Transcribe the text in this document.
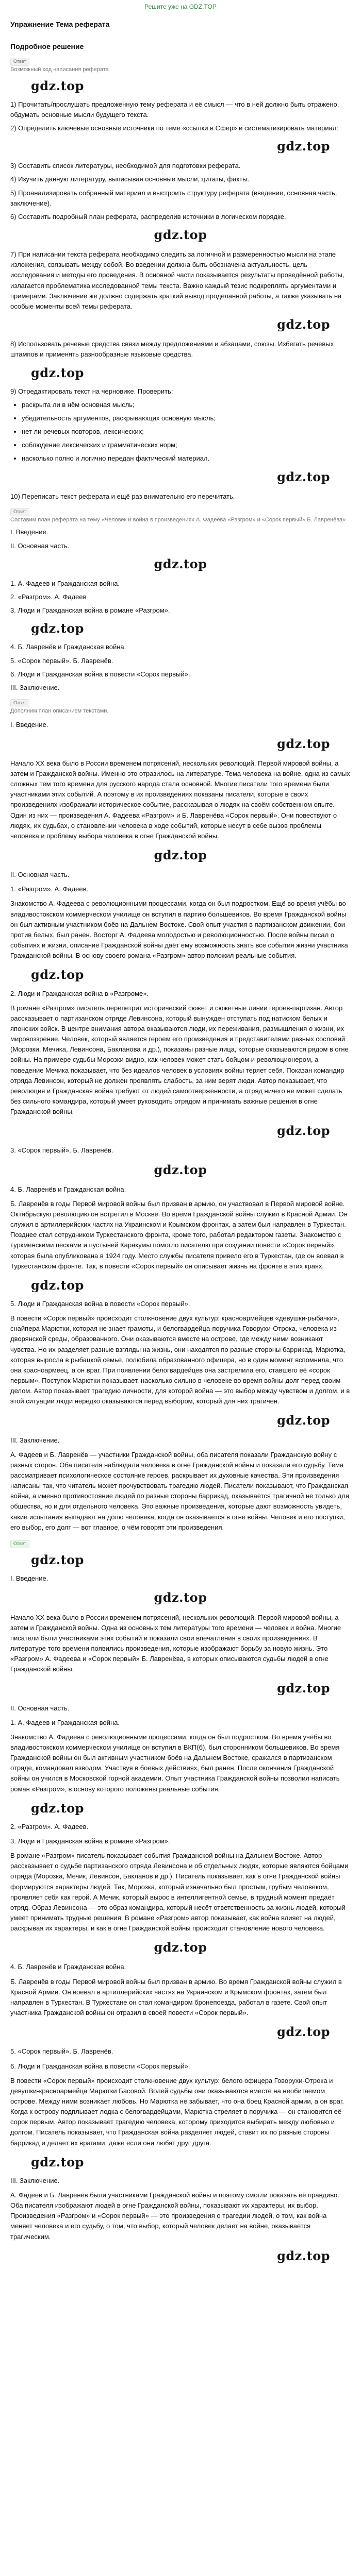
Решите уже на GDZ.TOP
Упражнение Тема реферата
Подробное решение
Ответ
Возможный ход написания реферата
gdz.top

1) Прочитать/прослушать предложенную тему реферата и её смысл — что в ней должно быть отражено, обдумать основные мысли будущего текста.

2) Определить ключевые основные источники по теме «ссылки в Сфер» и систематизировать материал:

gdz.top

3) Составить список литературы, необходимой для подготовки реферата.

4) Изучить данную литературу, выписывая основные мысли, цитаты, факты.

5) Проанализировать собранный материал и выстроить структуру реферата (введение, основная часть, заключение).

6) Составить подробный план реферата, распределив источники в логическом порядке.

gdz.top

7) При написании текста реферата необходимо следить за логичной и размеренностью мысли на этапе изложения, связывать между собой. Во введении должна быть обозначена актуальность, цель исследования и методы его проведения. В основной части показывается результаты проведённой работы, излагается проблематика исследованной темы текста. Важно каждый тезис подкреплять аргументами и примерами. Заключение же должно содержать краткий вывод проделанной работы, а также указывать на особые моменты всей темы реферата.

gdz.top

8) Использовать речевые средства связи между предложениями и абзацами, союзы. Избегать речевых штампов и применять разнообразные языковые средства.

gdz.top

9) Отредактировать текст на черновике. Проверить:

• раскрыта ли в нём основная мысль;
• убедительность аргументов, раскрывающих основную мысль;
• нет ли речевых повторов, лексических;
• соблюдение лексических и грамматических норм;
• насколько полно и логично передан фактический материал.
gdz.top

10) Переписать текст реферата и ещё раз внимательно его перечитать.

Ответ
Составим план реферата на тему «Человек и война в произведениях А. Фадеева «Разгром» и «Сорок первый» Б. Лавренёва»

I. Введение.

II. Основная часть.

gdz.top

1. А. Фадеев и Гражданская война.

2. «Разгром». А. Фадеев

3. Люди и Гражданская война в романе «Разгром».

gdz.top

4. Б. Лавренёв и Гражданская война.

5. «Сорок первый». Б. Лавренёв.

6. Люди и Гражданская война в повести «Сорок первый».

III. Заключение.

Ответ
Дополним план описанием текстами.

I. Введение.

gdz.top

Начало XX века было в России временем потрясений, нескольких революций, Первой мировой войны, а затем и Гражданской войны. Именно это отразилось на литературе. Тема человека на войне, одна из самых сложных тем того времени для русского народа стала основной. Многие писатели того времени были участниками этих событий. А поэтому в их произведениях показаны писатели, которые в своих произведениях изображали историческое событие, рассказывая о людях на своём собственном опыте. Один из них — произведения А. Фадеева «Разгром» и Б. Лавренёва «Сорок первый». Они повествуют о людях, их судьбах, о становлении человека в ходе событий, которые несут в себе вызов проблемы человека и проблему выбора человека в огне Гражданской войны.

gdz.top

II. Основная часть.

1. «Разгром». А. Фадеев.

Знакомство А. Фадеева с революционными процессами, когда он был подростком. Ещё во время учёбы во владивостокском коммерческом училище он вступил в партию большевиков. Во время Гражданской войны он был активным участником боёв на Дальнем Востоке. Свой опыт участия в партизанском движении, бои против белых, был ранен. Восторг А. Фадеева молодостью и революционностью. После войны писал о событиях и жизни, описание Гражданской войны даёт ему возможность знать все события жизни участника Гражданской войны. В основу своего романа «Разгром» автор положил реальные события.

gdz.top

2. Люди и Гражданская война в «Разгроме».

В романе «Разгром» писатель перепетрит исторический сюжет и сюжетные линии героев-партизан. Автор рассказывает о партизанском отряде Левинсона, который вынужден отступать под натиском белых и японских войск. В центре внимания автора оказываются люди, их переживания, размышления о жизни, их мировоззрение. Человек, который является героем его произведения и представителями разных сословий (Морозки, Мечика, Левинсона, Бакланова и др.), показаны разные лица, которые оказываются рядом в огне войны. На примере судьбы Морозки видно, как человек может стать бойцом и революционером, а поведение Мечика показывает, что без идеалов человек в условиях войны теряет себя. Показан командир отряда Левинсон, который не должен проявлять слабость, за ним верят люди. Автор показывает, что революция и Гражданская война требуют от людей самоотверженности, а отряд ничего не может сделать без сильного командира, который умеет руководить отрядом и принимать важные решения в огне Гражданской войны.

gdz.top

3. «Сорок первый». Б. Лавренёв.

gdz.top

4. Б. Лавренёв и Гражданская война.

Б. Лавренёв в годы Первой мировой войны был призван в армию, он участвовал в Первой мировой войне. Октябрьскую революцию он встретил в Москве. Во время Гражданской войны служил в Красной Армии. Он служил в артиллерийских частях на Украинском и Крымском фронтах, а затем был направлен в Туркестан. Позднее стал сотрудником Туркестанского фронта, кроме того, работал редактором газеты. Знакомство с туркменскими песками и пустыней Каракумы помогло писателю при создании повести «Сорок первый», которая была опубликована в 1924 году. Место службы писателя привело его в Туркестан, где он воевал в Туркестанском фронте. Так, в повести «Сорок первый» он описывает жизнь на фронте в этих краях.

gdz.top

5. Люди и Гражданская война в повести «Сорок первый».

В повести «Сорок первый» происходит столкновение двух культур: красноармейцев «девушки-рыбачки», снайпера Марютки, которая не знает грамоты, и белогвардейца-поручика Говорухи-Отрока, человека из дворянской среды, образованного. Они оказываются вместе на острове, где между ними возникают чувства. Но их разделяет разные взгляды на жизнь, они находятся по разные стороны баррикад. Марютка, которая выросла в рыбацкой семье, полюбила образованного офицера, но в один момент вспомнила, что она красноармеец, а он враг. При появлении белогвардейцев она застрелила его, ставшего её «сорок первым». Поступок Марютки показывает, насколько сильно в человеке во время войны долг перед своим делом. Автор показывает трагедию личности, для которой война — это выбор между чувством и долгом, и в этой ситуации люди нередко оказываются перед выбором, который для них трагичен.

gdz.top

III. Заключение.

А. Фадеев и Б. Лавренёв — участники Гражданской войны, оба писателя показали Гражданскую войну с разных сторон. Оба писателя наблюдали человека в огне Гражданской войны и показали его судьбу. Тема рассматривает психологическое состояние героев, раскрывает их духовные качества. Эти произведения написаны так, что читатель может прочувствовать трагедию людей. Писатели показывают, что Гражданская война, а именно противостояние людей по разные стороны баррикад, оказывается трагичной не только для общества, но и для отдельного человека. Это важные произведения, которые дают возможность увидеть, какие испытания выпадают на долю человека, когда он оказывается в огне войны. Человек и его поступки, его выбор, его долг — вот главное, о чём говорят эти произведения.

Ответ
gdz.top

I. Введение.

gdz.top

Начало XX века было в России временем потрясений, нескольких революций, Первой мировой войны, а затем и Гражданской войны. Одна из основных тем литературы того времени — человек и война. Многие писатели были участниками этих событий и показали свои впечатления в своих произведениях. В литературе того времени появились произведения, которые изображают борьбу за новую жизнь. Это «Разгром» А. Фадеева и «Сорок первый» Б. Лавренёва, в которых описываются судьбы людей в огне Гражданской войны.

gdz.top

II. Основная часть.

1. А. Фадеев и Гражданская война.

Знакомство А. Фадеева с революционными процессами, когда он был подростком. Во время учёбы во владивостокском коммерческом училище он вступил в ВКП(б), был сторонником большевиков. Во время Гражданской войны он был активным участником боёв на Дальнем Востоке, сражался в партизанском отряде, командовал взводом. Участвуя в боевых действиях, был ранен. После окончания Гражданской войны он учился в Московской горной академии. Опыт участника Гражданской войны позволил написать роман «Разгром», в основу которого положены реальные события.

gdz.top

2. «Разгром». А. Фадеев.

3. Люди и Гражданская война в романе «Разгром».

В романе «Разгром» писатель показывает события Гражданской войны на Дальнем Востоке. Автор рассказывает о судьбе партизанского отряда Левинсона и об отдельных людях, которые являются бойцами отряда (Морозка, Мечик, Левинсон, Бакланов и др.). Писатель показывает, как в огне Гражданской войны формируются характеры людей. Так, Морозка, который изначально был простым, грубым человеком, проявляет себя как герой. А Мечик, который вырос в интеллигентной семье, в трудный момент предаёт отряд. Образ Левинсона — это образ командира, который несёт ответственность за жизнь людей, который умеет принимать трудные решения. В романе «Разгром» автор показывает, как война влияет на людей, раскрывая их характеры, и как в огне Гражданской войны происходит становление нового человека.

gdz.top

4. Б. Лавренёв и Гражданская война.

Б. Лавренёв в годы Первой мировой войны был призван в армию. Во время Гражданской войны служил в Красной Армии. Он воевал в артиллерийских частях на Украинском и Крымском фронтах, затем был направлен в Туркестан. В Туркестане он стал командиром бронепоезда, работал в газете. Свой опыт участника Гражданской войны он отразил в своей повести «Сорок первый».

gdz.top

5. «Сорок первый». Б. Лавренёв.

6. Люди и Гражданская война в повести «Сорок первый».

В повести «Сорок первый» происходит столкновение двух культур: белого офицера Говорухи-Отрока и девушки-красноармейца Марютки Басовой. Волей судьбы они оказываются вместе на необитаемом острове. Между ними возникает любовь. Но Марютка не забывает, что она боец Красной армии, а он враг. Когда к острову подплывает лодка с белогвардейцами, Марютка стреляет в поручика — он становится её сорок первым. Автор показывает трагедию человека, которому приходится выбирать между любовью и долгом. Писатель показывает, что Гражданская война разделяет людей, ставит их по разные стороны баррикад и делает их врагами, даже если они любят друг друга.

gdz.top

III. Заключение.

А. Фадеев и Б. Лавренёв были участниками Гражданской войны и поэтому смогли показать её правдиво. Оба писателя изображают людей в огне Гражданской войны, показывают их характеры, их выбор. Произведения «Разгром» и «Сорок первый» — это произведения о трагедии людей, о том, как война меняет человека и его судьбу, о том, что выбор, который человек делает на войне, оказывается трагическим.

gdz.top
